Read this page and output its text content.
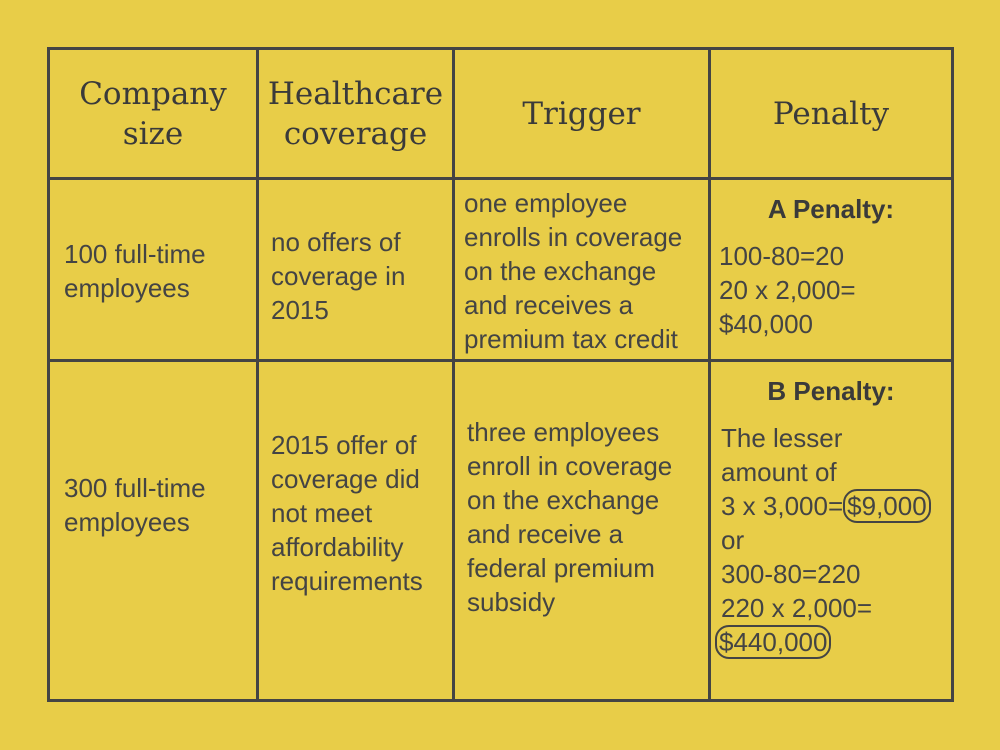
Company
size
Healthcare
coverage
Trigger	Penalty
100 full-time
employees
no offers of
coverage in
2015
one employee
enrolls in coverage
on the exchange
and receives a
premium tax credit
A Penalty:
100-80=20
20 x 2,000=
$40,000
300 full-time
employees
2015 offer of
coverage did
not meet
affordability
requirements
three employees
enroll in coverage
on the exchange
and receive a
federal premium
subsidy
B Penalty:
The lesser
amount of
3 x 3,000= $9,000
or
300-80=220
220 x 2,000=
$440,000
